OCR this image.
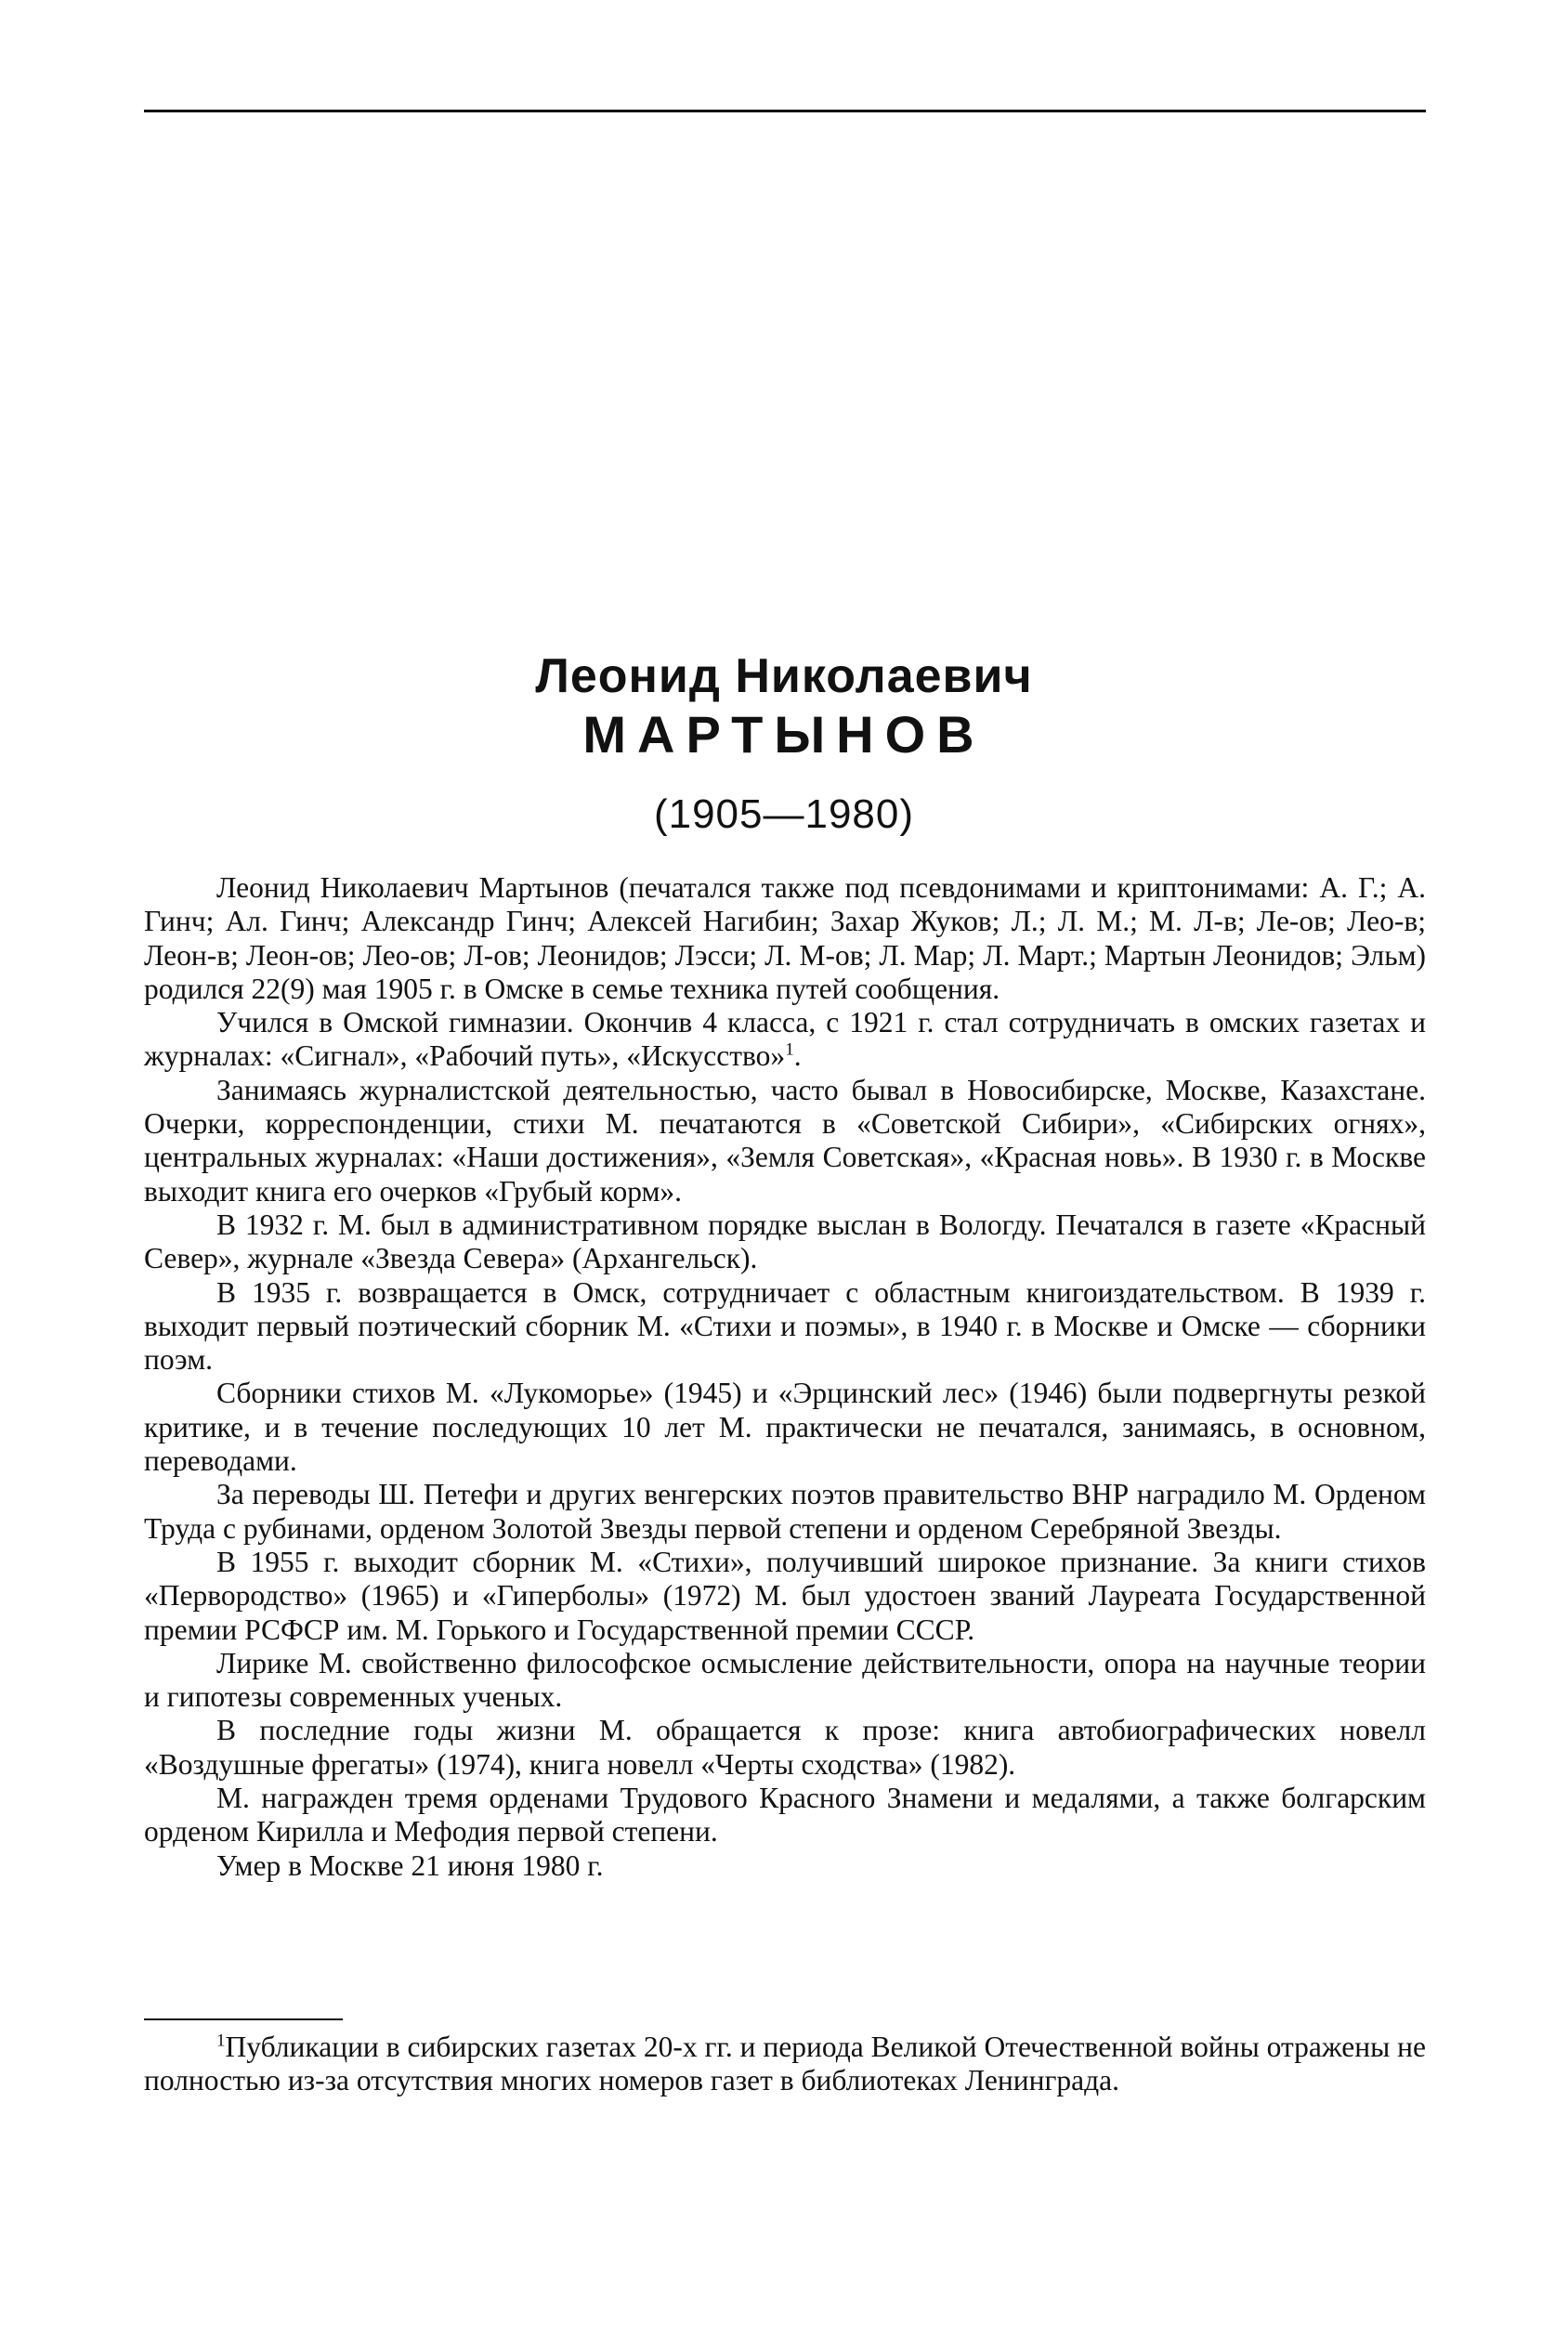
Леонид Николаевич
МАРТЫНОВ
(1905—1980)

Леонид Николаевич Мартынов (печатался также под псевдонимами и криптонимами: А. Г.; А. Гинч; Ал. Гинч; Александр Гинч; Алексей Нагибин; Захар Жуков; Л.; Л. М.; М. Л-в; Ле-ов; Лео-в; Леон-в; Леон-ов; Лео-ов; Л-ов; Леонидов; Лэсси; Л. М-ов; Л. Мар; Л. Март.; Мартын Леонидов; Эльм) родился 22(9) мая 1905 г. в Омске в семье техника путей сообщения.

Учился в Омской гимназии. Окончив 4 класса, с 1921 г. стал сотрудничать в омских газетах и журналах: «Сигнал», «Рабочий путь», «Искусство»$^1$.

Занимаясь журналистской деятельностью, часто бывал в Новосибирске, Москве, Казахстане. Очерки, корреспонденции, стихи М. печатаются в «Советской Сибири», «Сибирских огнях», центральных журналах: «Наши достижения», «Земля Советская», «Красная новь». В 1930 г. в Москве выходит книга его очерков «Грубый корм».

В 1932 г. М. был в административном порядке выслан в Вологду. Печатался в газете «Красный Север», журнале «Звезда Севера» (Архангельск).

В 1935 г. возвращается в Омск, сотрудничает с областным книгоиздательством. В 1939 г. выходит первый поэтический сборник М. «Стихи и поэмы», в 1940 г. в Москве и Омске — сборники поэм.

Сборники стихов М. «Лукоморье» (1945) и «Эрцинский лес» (1946) были подвергнуты резкой критике, и в течение последующих 10 лет М. практически не печатался, занимаясь, в основном, переводами.

За переводы Ш. Петефи и других венгерских поэтов правительство ВНР наградило М. Орденом Труда с рубинами, орденом Золотой Звезды первой степени и орденом Серебряной Звезды.

В 1955 г. выходит сборник М. «Стихи», получивший широкое признание. За книги стихов «Первородство» (1965) и «Гиперболы» (1972) М. был удостоен званий Лауреата Государственной премии РСФСР им. М. Горького и Государственной премии СССР.

Лирике М. свойственно философское осмысление действительности, опора на научные теории и гипотезы современных ученых.

В последние годы жизни М. обращается к прозе: книга автобиографических новелл «Воздушные фрегаты» (1974), книга новелл «Черты сходства» (1982).

М. награжден тремя орденами Трудового Красного Знамени и медалями, а также болгарским орденом Кирилла и Мефодия первой степени.

Умер в Москве 21 июня 1980 г.

$^1$Публикации в сибирских газетах 20-х гг. и периода Великой Отечественной войны отражены не полностью из-за отсутствия многих номеров газет в библиотеках Ленинграда.
